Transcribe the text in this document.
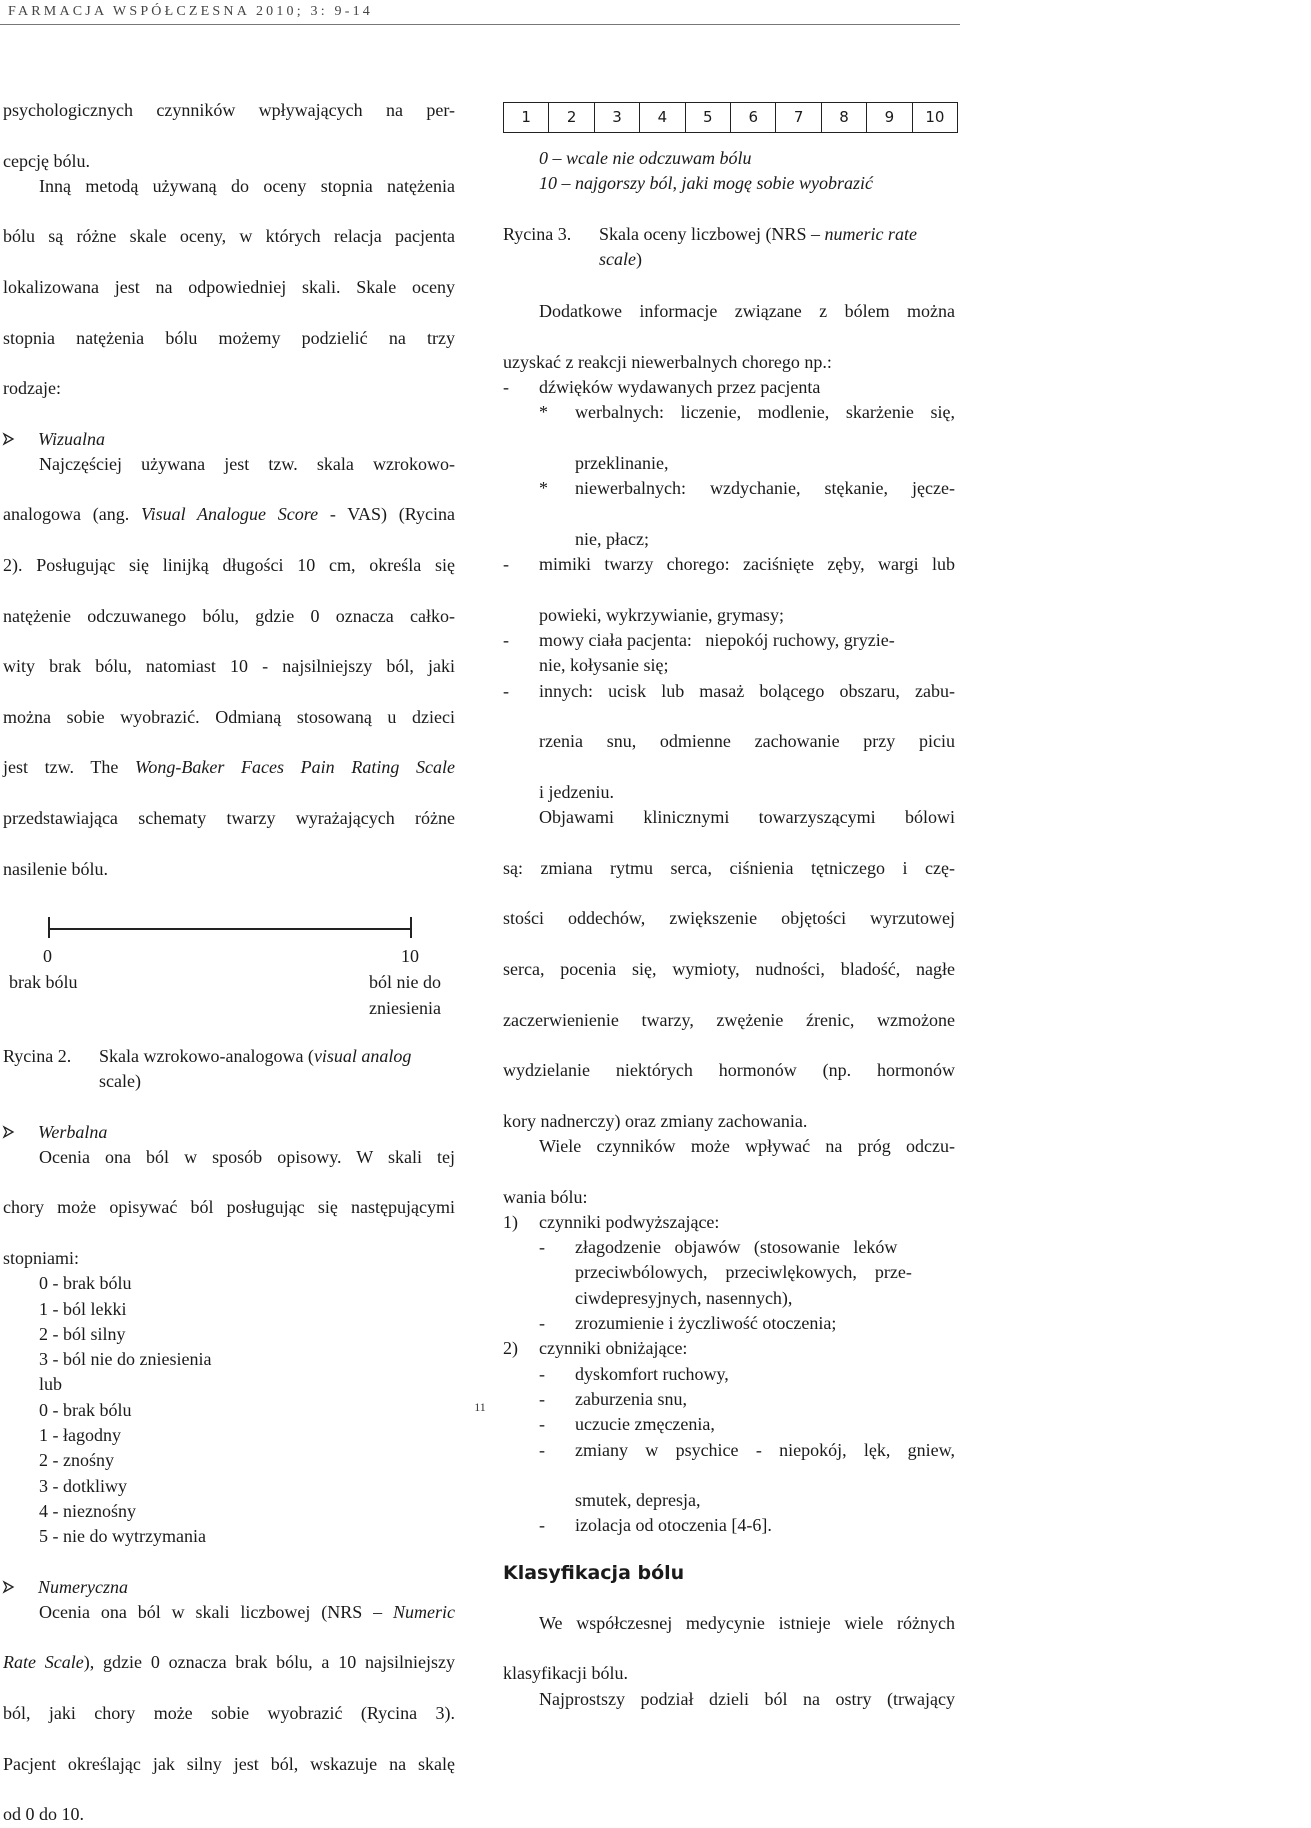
FARMACJA WSPÓŁCZESNA 2010; 3: 9-14

psychologicznych czynników wpływających na per-

cepcję bólu.

Inną metodą używaną do oceny stopnia natężenia

bólu są różne skale oceny, w których relacja pacjenta

lokalizowana jest na odpowiedniej skali. Skale oceny

stopnia natężenia bólu możemy podzielić na trzy

rodzaje:

Wizualna

Najczęściej używana jest tzw. skala wzrokowo-

analogowa (ang. Visual Analogue Score - VAS) (Rycina

2). Posługując się linijką długości 10 cm, określa się

natężenie odczuwanego bólu, gdzie 0 oznacza całko-

wity brak bólu, natomiast 10 - najsilniejszy ból, jaki

można sobie wyobrazić. Odmianą stosowaną u dzieci

jest tzw. The Wong-Baker Faces Pain Rating Scale

przedstawiająca schematy twarzy wyrażających różne

nasilenie bólu.

0	10
brak bólu	ból nie do
zniesienia
Rycina 2.	Skala wzrokowo-analogowa (visual analog

scale)

Werbalna

Ocenia ona ból w sposób opisowy. W skali tej

chory może opisywać ból posługując się następującymi

stopniami:

0 - brak bólu

1 - ból lekki

2 - ból silny

3 - ból nie do zniesienia

lub

0 - brak bólu

1 - łagodny

2 - znośny

3 - dotkliwy

4 - nieznośny

5 - nie do wytrzymania

Numeryczna

Ocenia ona ból w skali liczbowej (NRS – Numeric

Rate Scale), gdzie 0 oznacza brak bólu, a 10 najsilniejszy

ból, jaki chory może sobie wyobrazić (Rycina 3).

Pacjent określając jak silny jest ból, wskazuje na skalę

od 0 do 10.

1	2	3	4	5	6	7	8	9	10

0 – wcale nie odczuwam bólu

10 – najgorszy ból, jaki mogę sobie wyobrazić

Rycina 3.	Skala oceny liczbowej (NRS – numeric rate

scale)

Dodatkowe informacje związane z bólem można

uzyskać z reakcji niewerbalnych chorego np.:

-	dźwięków wydawanych przez pacjenta
*	werbalnych: liczenie, modlenie, skarżenie się,

przeklinanie,

*	niewerbalnych: wzdychanie, stękanie, jęcze-

nie, płacz;

-	mimiki twarzy chorego: zaciśnięte zęby, wargi lub

powieki, wykrzywianie, grymasy;

-	mowy ciała pacjenta:   niepokój ruchowy, gryzie-

nie, kołysanie się;

-	innych: ucisk lub masaż bolącego obszaru, zabu-

rzenia snu, odmienne zachowanie przy piciu

i jedzeniu.

Objawami klinicznymi towarzyszącymi bólowi

są: zmiana rytmu serca, ciśnienia tętniczego i czę-

stości oddechów, zwiększenie objętości wyrzutowej

serca, pocenia się, wymioty, nudności, bladość, nagłe

zaczerwienienie twarzy, zwężenie źrenic, wzmożone

wydzielanie niektórych hormonów (np. hormonów

kory nadnerczy) oraz zmiany zachowania.

Wiele czynników może wpływać na próg odczu-

wania bólu:

1)	czynniki podwyższające:
-	złagodzenie   objawów   (stosowanie   leków

przeciwbólowych,    przeciwlękowych,    prze-

ciwdepresyjnych, nasennych),

-	zrozumienie i życzliwość otoczenia;

2)	czynniki obniżające:
-	dyskomfort ruchowy,

-	zaburzenia snu,

-	uczucie zmęczenia,

-	zmiany w psychice - niepokój, lęk, gniew,

smutek, depresja,

-	izolacja od otoczenia [4-6].

Klasyfikacja bólu

We współczesnej medycynie istnieje wiele różnych

klasyfikacji bólu.

Najprostszy podział dzieli ból na ostry (trwający

11
